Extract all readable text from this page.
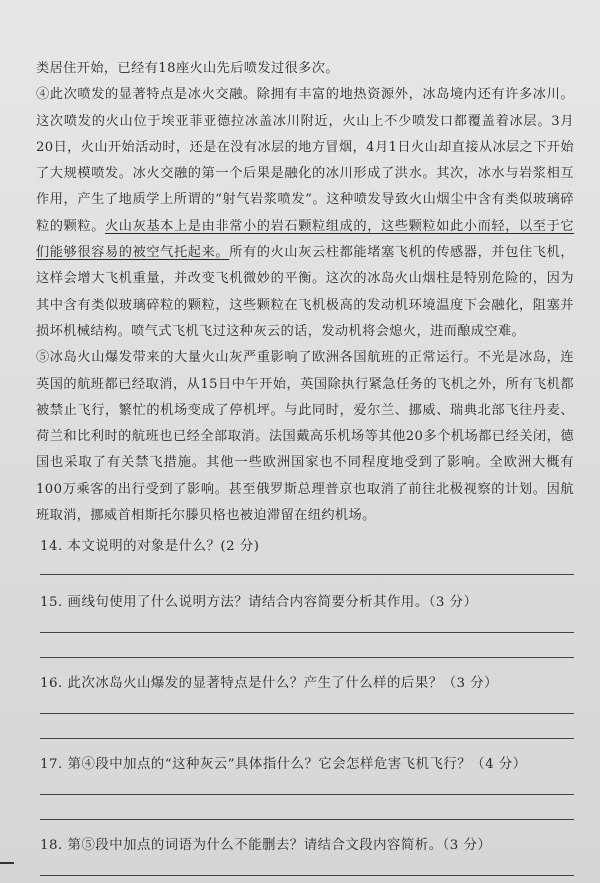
类居住开始，已经有18座火山先后喷发过很多次。

④此次喷发的显著特点是冰火交融。除拥有丰富的地热资源外，冰岛境内还有许多冰川。这次喷发的火山位于埃亚菲亚德拉冰盖冰川附近，火山上不少喷发口都覆盖着冰层。3月20日，火山开始活动时，还是在没有冰层的地方冒烟，4月1日火山却直接从冰层之下开始了大规模喷发。冰火交融的第一个后果是融化的冰川形成了洪水。其次，冰水与岩浆相互作用，产生了地质学上所谓的“射气岩浆喷发”。这种喷发导致火山烟尘中含有类似玻璃碎粒的颗粒。火山灰基本上是由非常小的岩石颗粒组成的，这些颗粒如此小而轻，以至于它们能够很容易的被空气托起来。所有的火山灰云柱都能堵塞飞机的传感器，并包住飞机，这样会增大飞机重量，并改变飞机微妙的平衡。这次的冰岛火山烟柱是特别危险的，因为其中含有类似玻璃碎粒的颗粒，这些颗粒在飞机极高的发动机环境温度下会融化，阻塞并损坏机械结构。喷气式飞机飞过这种灰云的话，发动机将会熄火，进而酿成空难。

⑤冰岛火山爆发带来的大量火山灰严重影响了欧洲各国航班的正常运行。不光是冰岛，连英国的航班都已经取消，从15日中午开始，英国除执行紧急任务的飞机之外，所有飞机都被禁止飞行，繁忙的机场变成了停机坪。与此同时，爱尔兰、挪威、瑞典北部飞往丹麦、荷兰和比利时的航班也已经全部取消。法国戴高乐机场等其他20多个机场都已经关闭，德国也采取了有关禁飞措施。其他一些欧洲国家也不同程度地受到了影响。全欧洲大概有100万乘客的出行受到了影响。甚至俄罗斯总理普京也取消了前往北极视察的计划。因航班取消，挪威首相斯托尔滕贝格也被迫滞留在纽约机场。

14. 本文说明的对象是什么？(2 分)

15. 画线句使用了什么说明方法？请结合内容简要分析其作用。（3 分）

16. 此次冰岛火山爆发的显著特点是什么？产生了什么样的后果？（3 分）

17. 第④段中加点的“这种灰云”具体指什么？它会怎样危害飞机飞行？（4 分）

18. 第⑤段中加点的词语为什么不能删去？请结合文段内容简析。（3 分）
